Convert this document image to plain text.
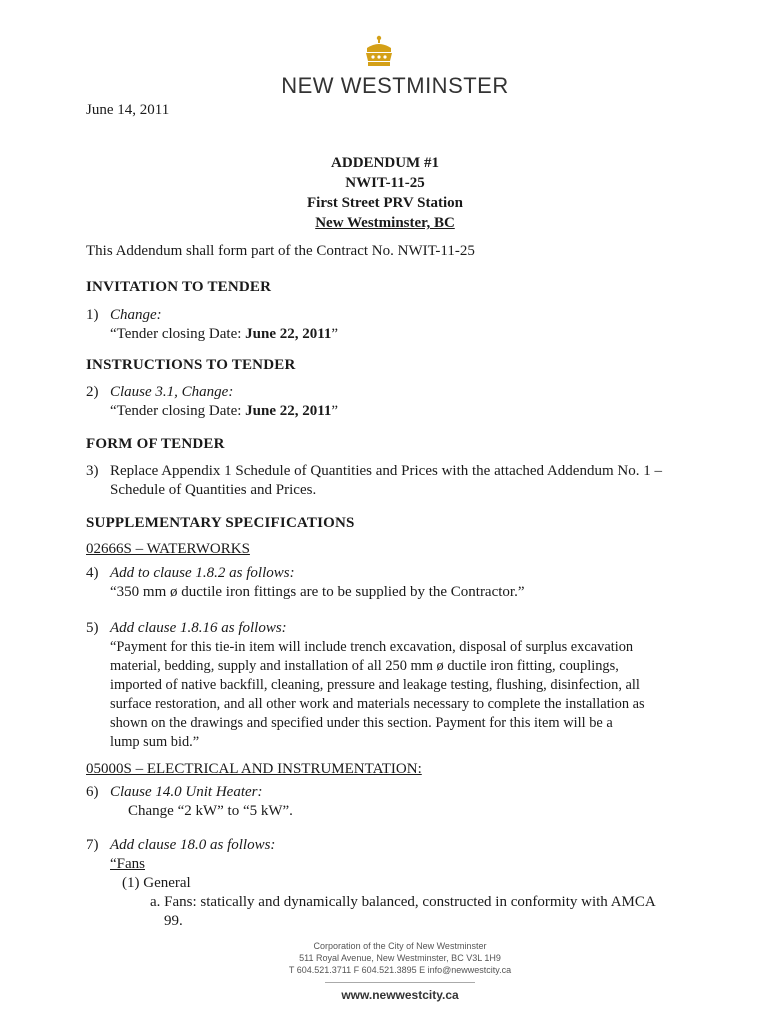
NEW WESTMINSTER
June 14, 2011
ADDENDUM #1
NWIT-11-25
First Street PRV Station
New Westminster, BC
This Addendum shall form part of the Contract No. NWIT-11-25
INVITATION TO TENDER
1) Change:
“Tender closing Date: June 22, 2011”
INSTRUCTIONS TO TENDER
2) Clause 3.1, Change:
“Tender closing Date: June 22, 2011”
FORM OF TENDER
3) Replace Appendix 1 Schedule of Quantities and Prices with the attached Addendum No. 1 –
Schedule of Quantities and Prices.
SUPPLEMENTARY SPECIFICATIONS
02666S – WATERWORKS
4) Add to clause 1.8.2 as follows:
“350 mm ø ductile iron fittings are to be supplied by the Contractor.”
5) Add clause 1.8.16 as follows:
“Payment for this tie-in item will include trench excavation, disposal of surplus excavation
material, bedding, supply and installation of all 250 mm ø ductile iron fitting, couplings,
imported of native backfill, cleaning, pressure and leakage testing, flushing, disinfection, all
surface restoration, and all other work and materials necessary to complete the installation as
shown on the drawings and specified under this section. Payment for this item will be a
lump sum bid.”
05000S – ELECTRICAL AND INSTRUMENTATION:
6) Clause 14.0 Unit Heater:
Change “2 kW” to “5 kW”.
7) Add clause 18.0 as follows:
“Fans
(1) General
a. Fans: statically and dynamically balanced, constructed in conformity with AMCA
99.
Corporation of the City of New Westminster
511 Royal Avenue, New Westminster, BC V3L 1H9
T 604.521.3711 F 604.521.3895 E info@newwestcity.ca
www.newwestcity.ca
